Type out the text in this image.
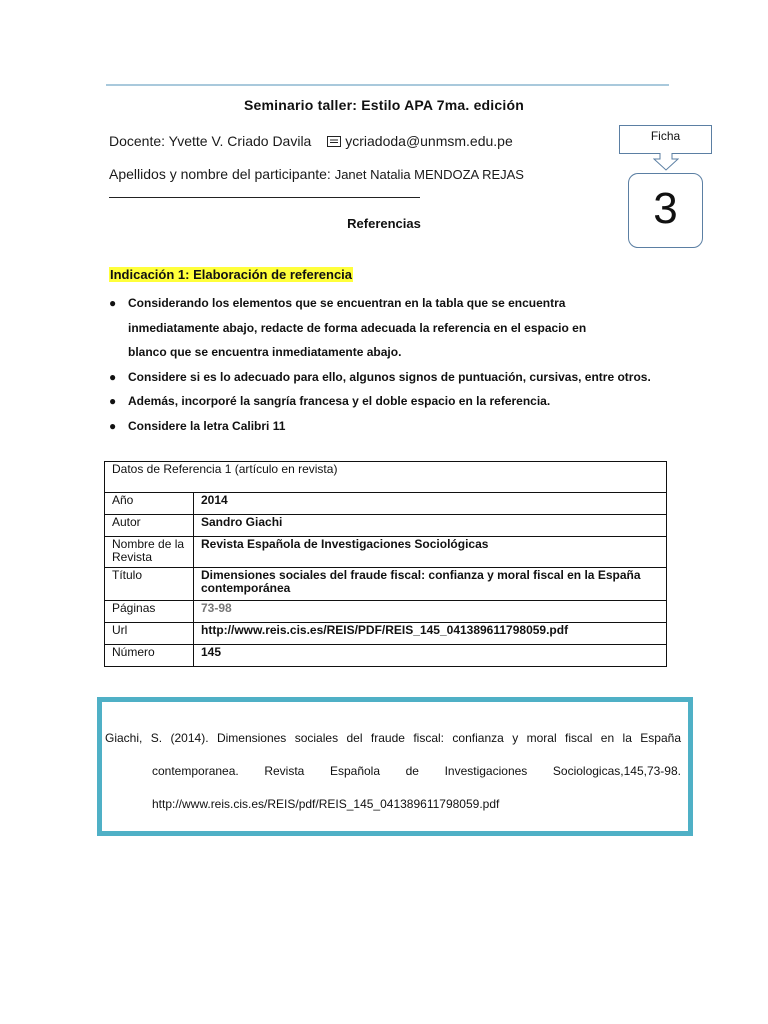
Seminario taller: Estilo APA 7ma. edición
Docente: Yvette V. Criado Davila ycriadoda@unmsm.edu.pe
Apellidos y nombre del participante: Janet Natalia MENDOZA REJAS
Referencias
Ficha
3
Indicación 1: Elaboración de referencia
● Considerando los elementos que se encuentran en la tabla que se encuentra
inmediatamente abajo, redacte de forma adecuada la referencia en el espacio en
blanco que se encuentra inmediatamente abajo.
● Considere si es lo adecuado para ello, algunos signos de puntuación, cursivas, entre otros.
● Además, incorporé la sangría francesa y el doble espacio en la referencia.
● Considere la letra Calibri 11
Datos de Referencia 1 (artículo en revista)	
Año	2014
Autor	Sandro Giachi
Nombre de la Revista	Revista Española de Investigaciones Sociológicas
Título	Dimensiones sociales del fraude fiscal: confianza y moral fiscal en la España contemporánea
Páginas	73-98
Url	http://www.reis.cis.es/REIS/PDF/REIS_145_041389611798059.pdf
Número	145

Giachi, S. (2014). Dimensiones sociales del fraude fiscal: confianza y moral fiscal en la España

contemporanea. Revista Española de Investigaciones Sociologicas,145,73-98.

http://www.reis.cis.es/REIS/pdf/REIS_145_041389611798059.pdf
